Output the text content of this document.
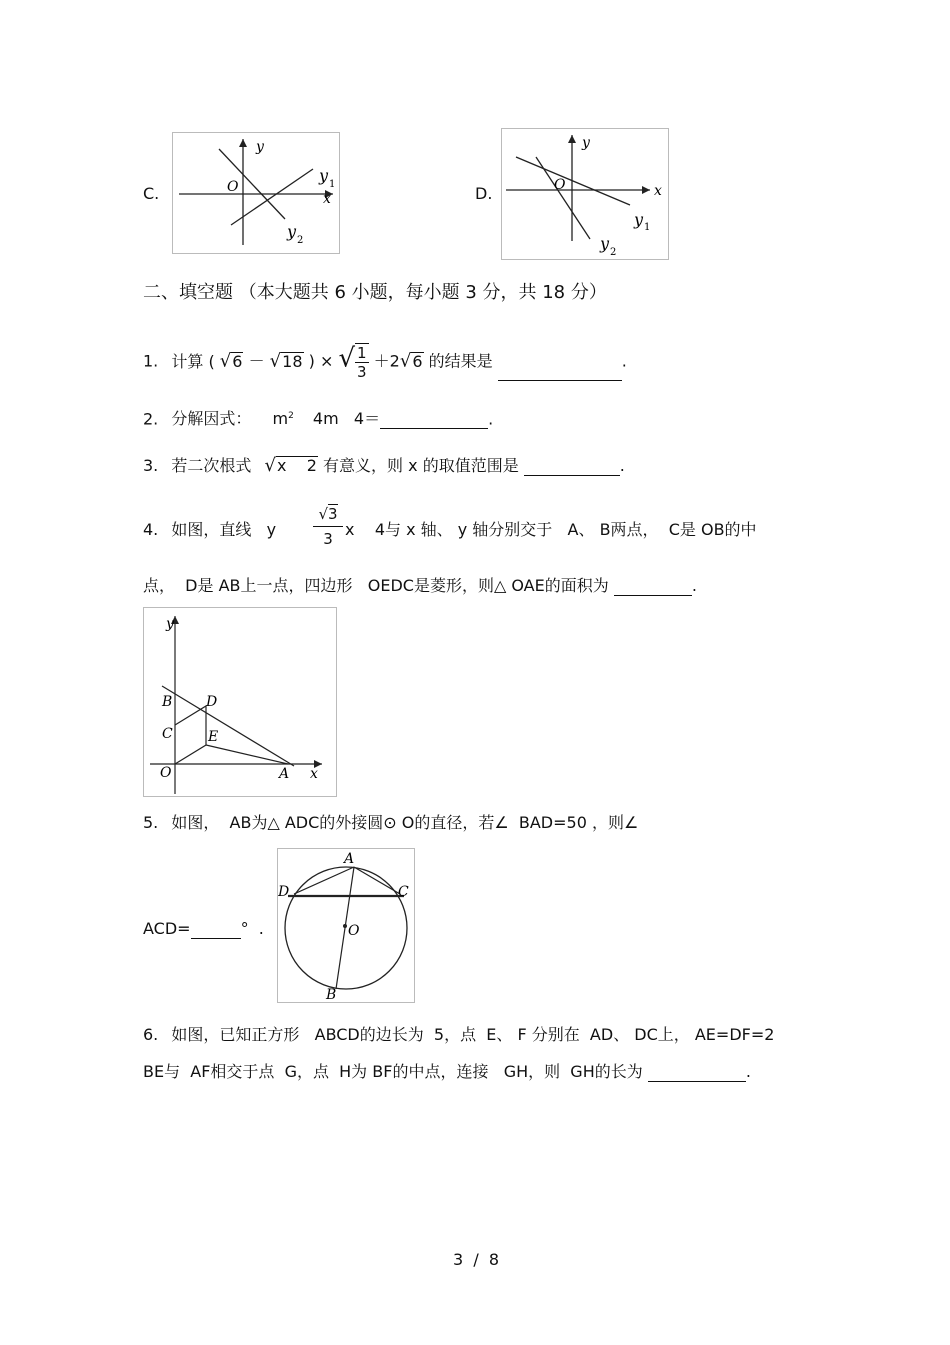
C.
y
x
O
y 1
y 2
D.
y
x
O
y 1
y 2
二、填空题 （本大题共 6 小题，每小题 3 分，共 18 分）
1. 计算 ( √6 － √18 ) × √ $\frac{1}{3} +2√6$ 的结果是	.
2. 分解因式： $m^2$ 4m   4＝	.
3. 若二次根式 √x    2 有意义，则 x 的取值范围是	.
4. 如图，直线   y
√3
3 x    4与 x 轴、 y 轴分别交于   A、 B两点，  C是 OB的中
点，  D是 AB上一点，四边形   OEDC是菱形，则△ OAE的面积为	.
y
x
B
C
O
D
E
A
5. 如图，  AB为△ ADC的外接圆⊙ O的直径，若∠  BAD=50 ，则∠
ACD=	°  .
A
D	C
O
B
6. 如图，已知正方形   ABCD的边长为  5，点  E、 F 分别在  AD、 DC上， AE=DF=2
BE与  AF相交于点  G，点  H为 BF的中点，连接   GH，则  GH的长为	.
3  /  8
